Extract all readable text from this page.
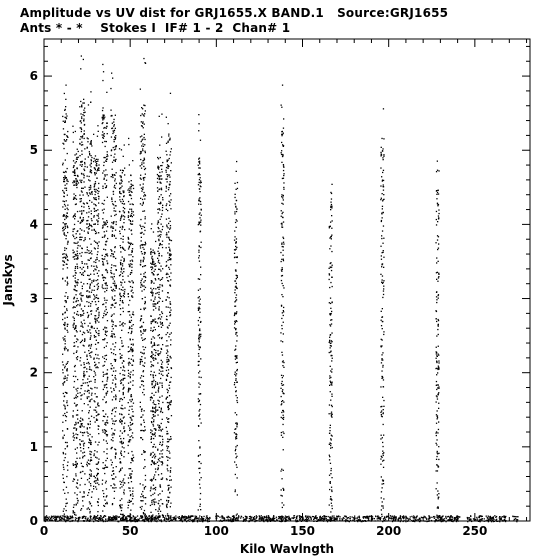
Amplitude vs UV dist for GRJ1655.X BAND.1   Source:GRJ1655
Ants * - *    Stokes I  IF# 1 - 2  Chan# 1
0	50	100	150	200	250
0
1
2
3
4
5
6
Kilo Wavlngth
Janskys
